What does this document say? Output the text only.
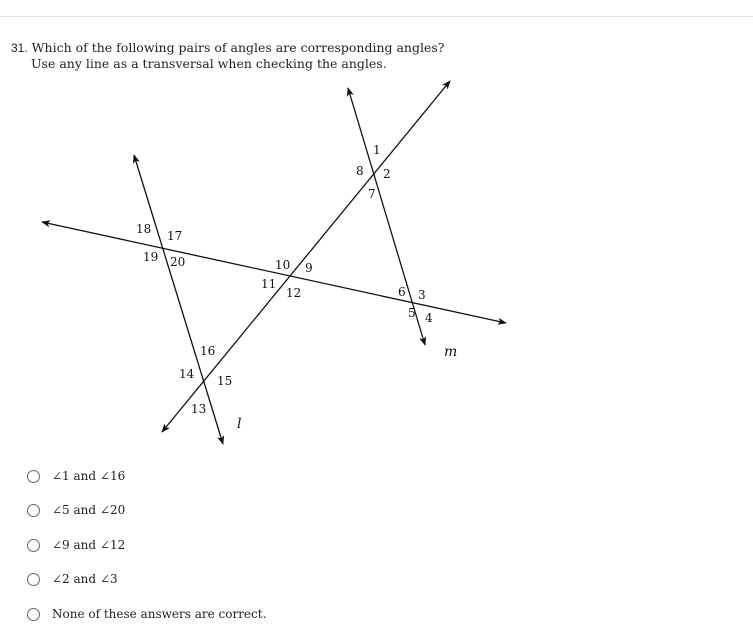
31. Which of the following pairs of angles are corresponding angles?
Use any line as a transversal when checking the angles.
1
2
3
4
5
6
7
8
9
10
11
12
13
14 15
16
17
18
19 20
l
m
∠1 and ∠16
∠5 and ∠20
∠9 and ∠12
∠2 and ∠3
None of these answers are correct.
